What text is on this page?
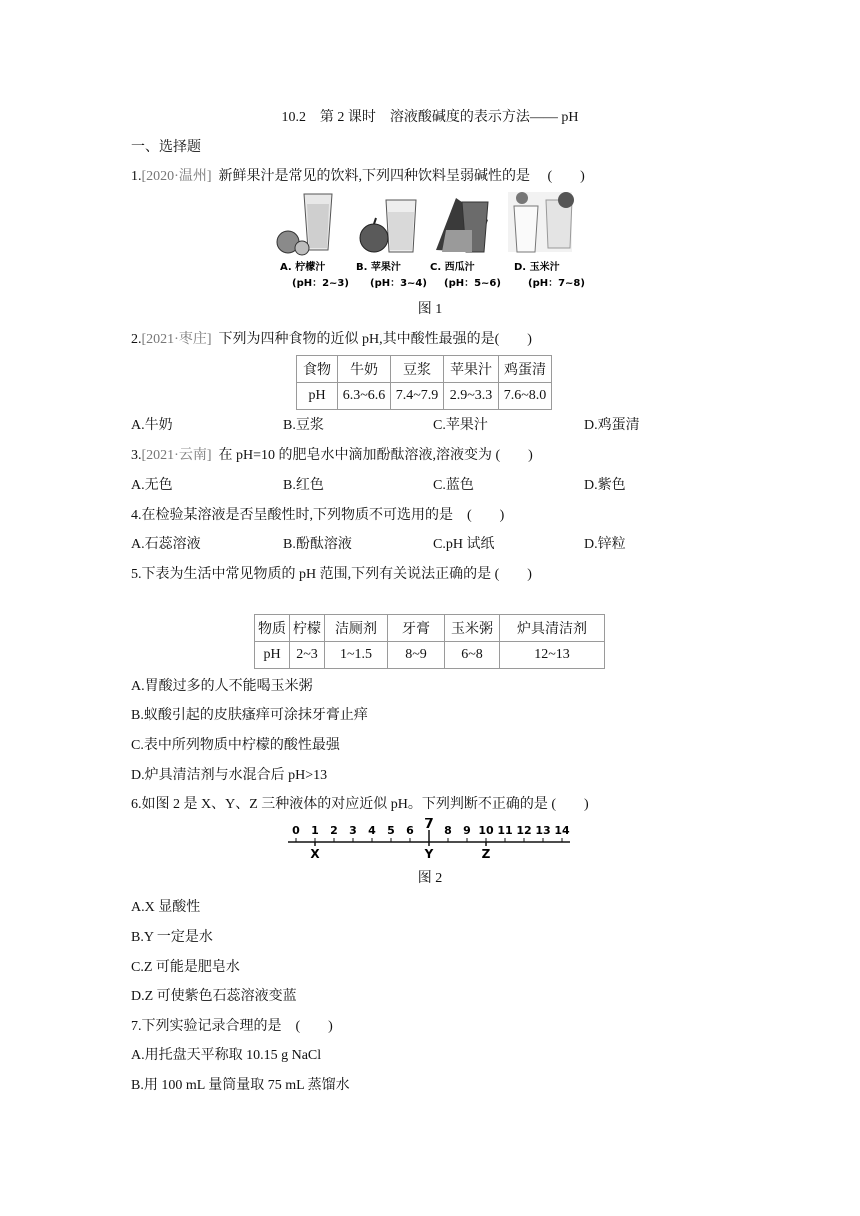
10.2　第 2 课时　溶液酸碱度的表示方法—— pH
一、选择题
1.[2020·温州] 新鲜果汁是常见的饮料,下列四种饮料呈弱碱性的是　 (　　)
A. 柠檬汁
(pH：2~3)
B. 苹果汁
(pH：3~4)
C. 西瓜汁
(pH：5~6)
D. 玉米汁
(pH：7~8)
图 1
2.[2021·枣庄] 下列为四种食物的近似 pH,其中酸性最强的是(　　)
食物	牛奶	豆浆	苹果汁	鸡蛋清
pH	6.3~6.6	7.4~7.9	2.9~3.3	7.6~8.0
A.牛奶	B.豆浆	C.苹果汁	D.鸡蛋清
3.[2021·云南] 在 pH=10 的肥皂水中滴加酚酞溶液,溶液变为 (　　)
A.无色	B.红色	C.蓝色	D.紫色
4.在检验某溶液是否呈酸性时,下列物质不可选用的是　(　　)
A.石蕊溶液	B.酚酞溶液	C.pH 试纸	D.锌粒
5.下表为生活中常见物质的 pH 范围,下列有关说法正确的是 (　　)
物质	柠檬	洁厕剂	牙膏	玉米粥	炉具清洁剂
pH	2~3	1~1.5	8~9	6~8	12~13
A.胃酸过多的人不能喝玉米粥
B.蚁酸引起的皮肤瘙痒可涂抹牙膏止痒
C.表中所列物质中柠檬的酸性最强
D.炉具清洁剂与水混合后 pH>13
6.如图 2 是 X、Y、Z 三种液体的对应近似 pH。下列判断不正确的是 (　　)
0 1 2 3 4 5 6 7 8 9 10 11 12 13 14
X	Y	Z
图 2
A.X 显酸性
B.Y 一定是水
C.Z 可能是肥皂水
D.Z 可使紫色石蕊溶液变蓝
7.下列实验记录合理的是　(　　)
A.用托盘天平称取 10.15 g NaCl
B.用 100 mL 量筒量取 75 mL 蒸馏水
